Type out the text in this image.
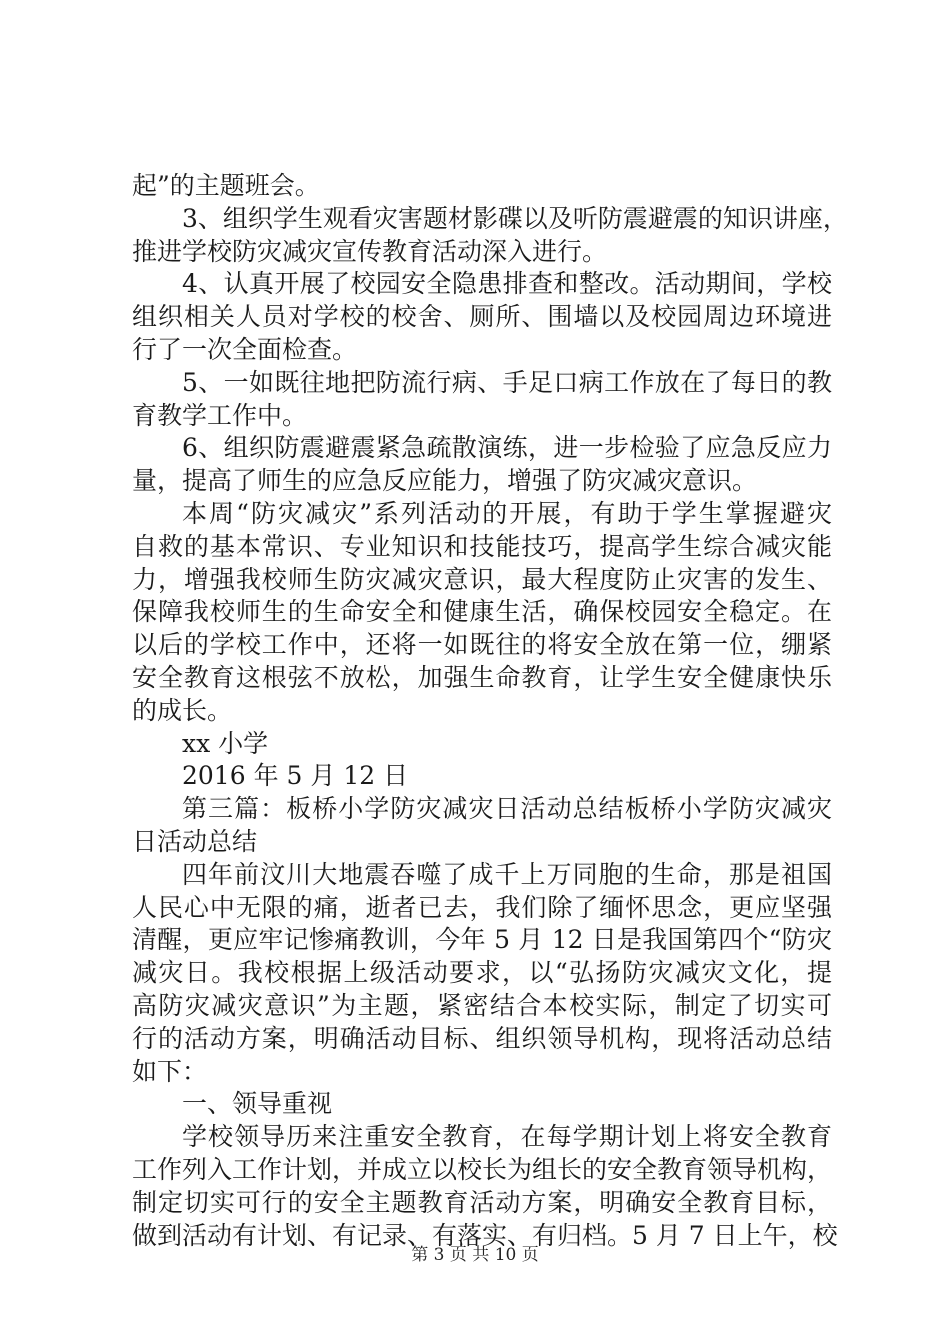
起”的主题班会。
3、组织学生观看灾害题材影碟以及听防震避震的知识讲座，
推进学校防灾减灾宣传教育活动深入进行。
4、认真开展了校园安全隐患排查和整改。活动期间，学校
组织相关人员对学校的校舍、厕所、围墙以及校园周边环境进
行了一次全面检查。
5、一如既往地把防流行病、手足口病工作放在了每日的教
育教学工作中。
6、组织防震避震紧急疏散演练，进一步检验了应急反应力
量，提高了师生的应急反应能力，增强了防灾减灾意识。
本周“防灾减灾”系列活动的开展，有助于学生掌握避灾
自救的基本常识、专业知识和技能技巧，提高学生综合减灾能
力，增强我校师生防灾减灾意识，最大程度防止灾害的发生、
保障我校师生的生命安全和健康生活，确保校园安全稳定。在
以后的学校工作中，还将一如既往的将安全放在第一位，绷紧
安全教育这根弦不放松，加强生命教育，让学生安全健康快乐
的成长。
xx 小学
2016 年 5 月 12 日
第三篇：板桥小学防灾减灾日活动总结板桥小学防灾减灾
日活动总结
四年前汶川大地震吞噬了成千上万同胞的生命，那是祖国
人民心中无限的痛，逝者已去，我们除了缅怀思念，更应坚强
清醒，更应牢记惨痛教训，今年 5 月 12 日是我国第四个“防灾
减灾日。我校根据上级活动要求，以“弘扬防灾减灾文化，提
高防灾减灾意识”为主题，紧密结合本校实际，制定了切实可
行的活动方案，明确活动目标、组织领导机构，现将活动总结
如下：
一、领导重视
学校领导历来注重安全教育，在每学期计划上将安全教育
工作列入工作计划，并成立以校长为组长的安全教育领导机构，
制定切实可行的安全主题教育活动方案，明确安全教育目标，
做到活动有计划、有记录、有落实、有归档。5 月 7 日上午，校
第 3 页 共 10 页
